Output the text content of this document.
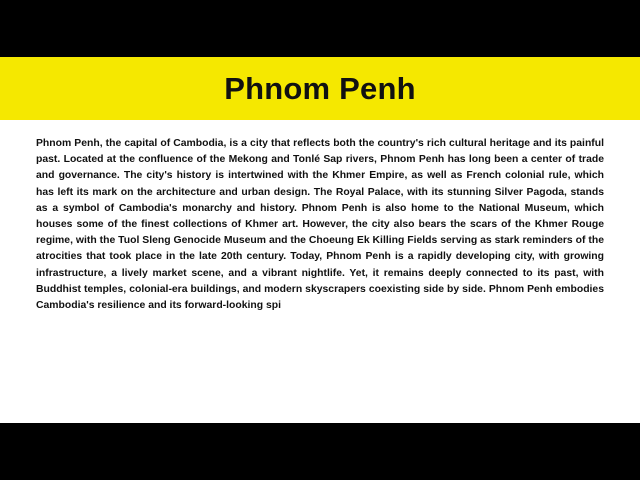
Phnom Penh

Phnom Penh, the capital of Cambodia, is a city that reflects both the country's rich cultural heritage and its painful past. Located at the confluence of the Mekong and Tonlé Sap rivers, Phnom Penh has long been a center of trade and governance. The city's history is intertwined with the Khmer Empire, as well as French colonial rule, which has left its mark on the architecture and urban design. The Royal Palace, with its stunning Silver Pagoda, stands as a symbol of Cambodia's monarchy and history. Phnom Penh is also home to the National Museum, which houses some of the finest collections of Khmer art. However, the city also bears the scars of the Khmer Rouge regime, with the Tuol Sleng Genocide Museum and the Choeung Ek Killing Fields serving as stark reminders of the atrocities that took place in the late 20th century. Today, Phnom Penh is a rapidly developing city, with growing infrastructure, a lively market scene, and a vibrant nightlife. Yet, it remains deeply connected to its past, with Buddhist temples, colonial-era buildings, and modern skyscrapers coexisting side by side. Phnom Penh embodies Cambodia's resilience and its forward-looking spi
